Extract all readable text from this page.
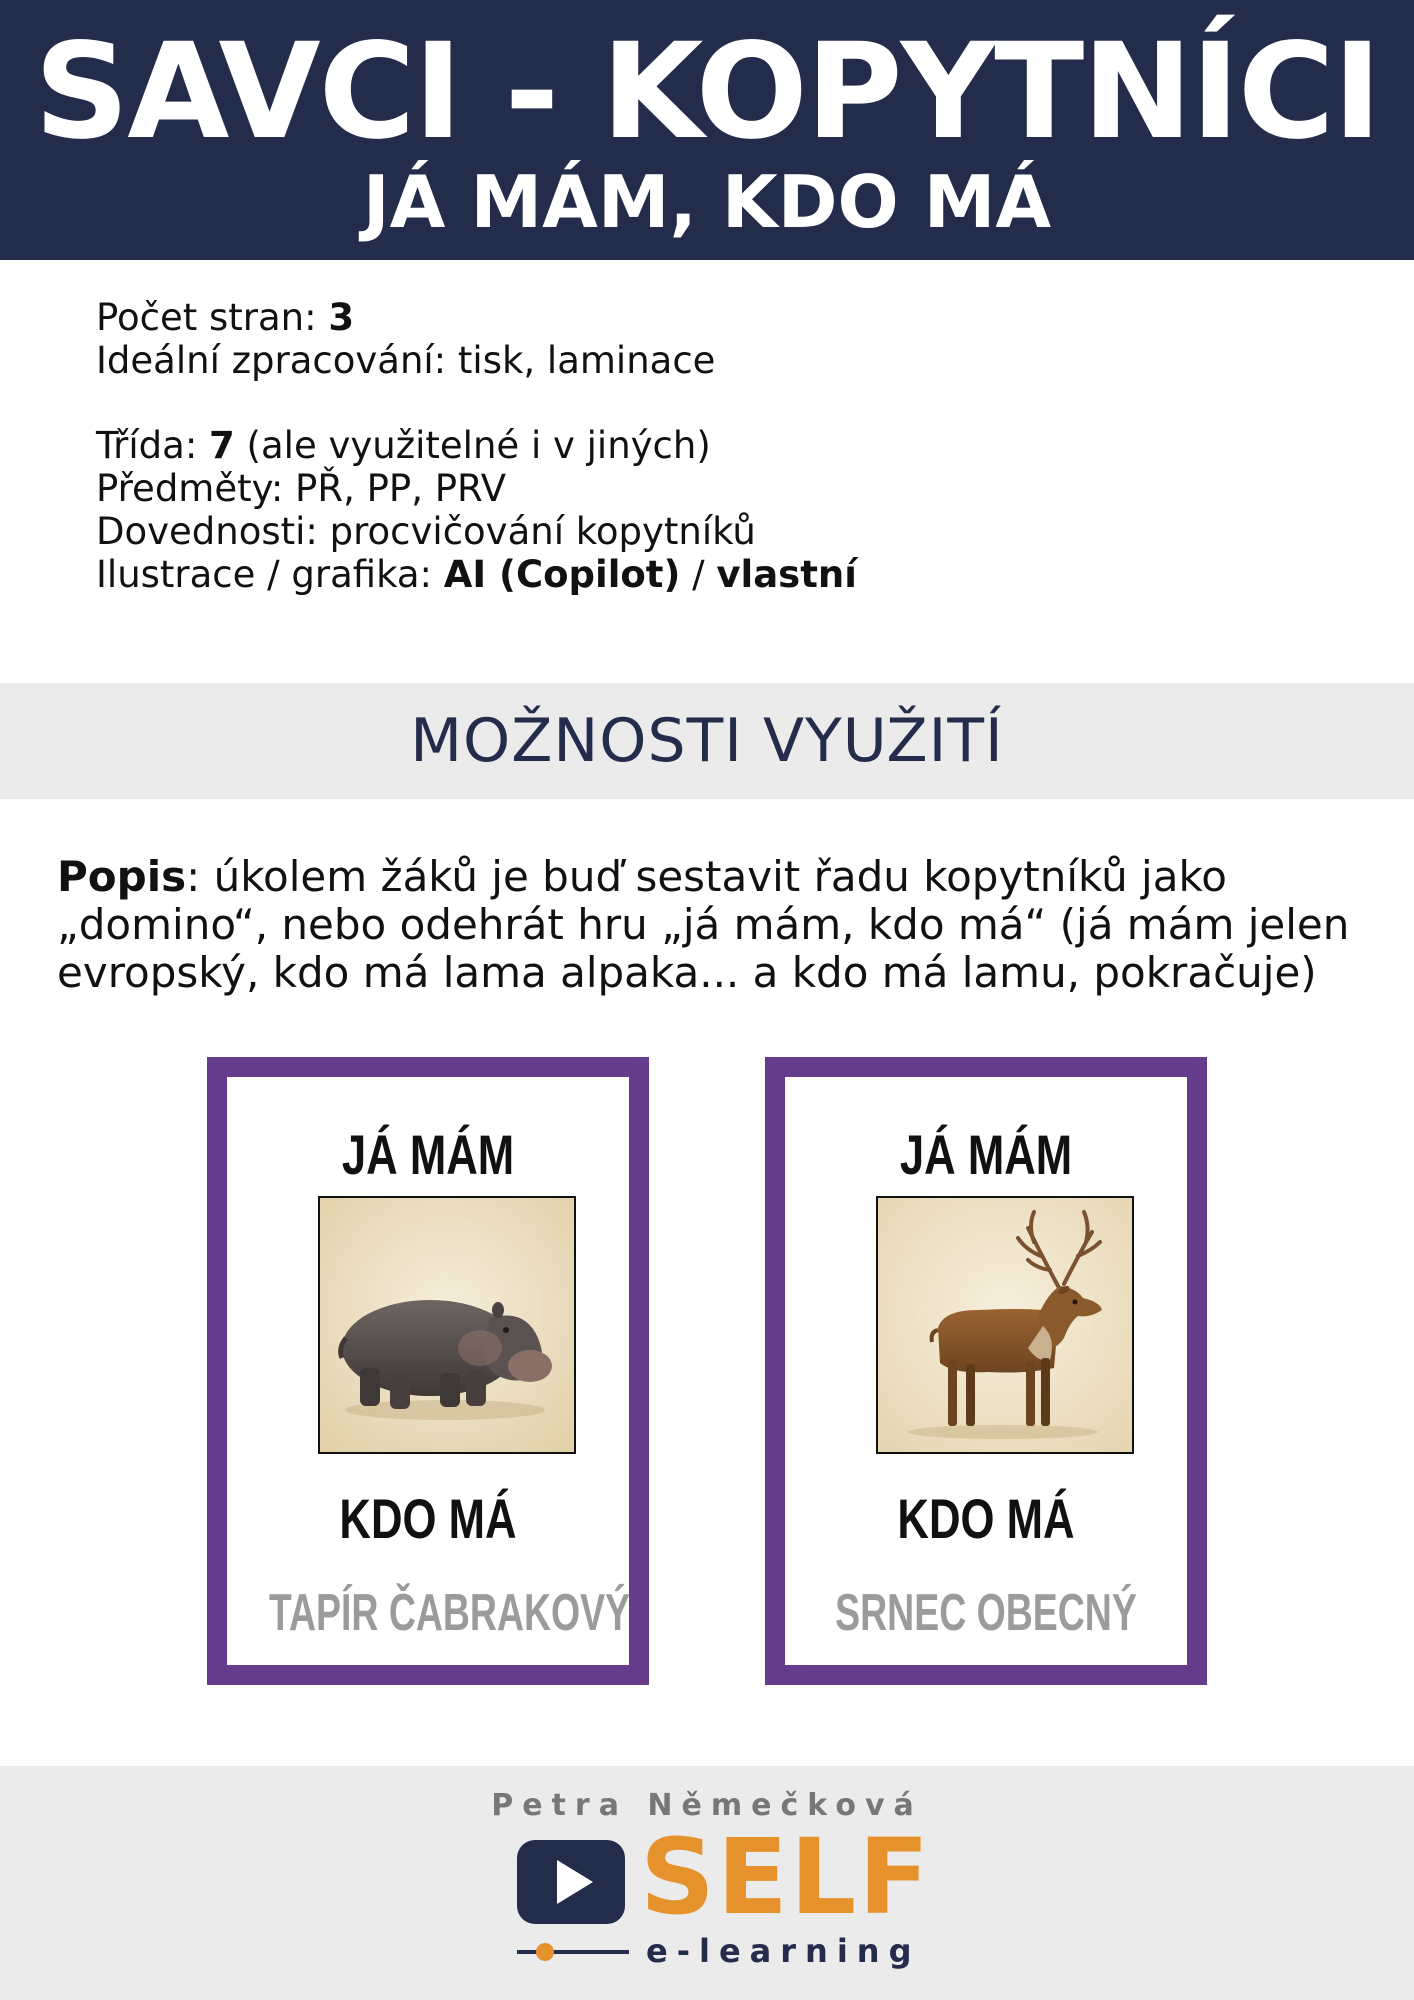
SAVCI - KOPYTNÍCI
JÁ MÁM, KDO MÁ
Počet stran: 3
Ideální zpracování: tisk, laminace
Třída: 7 (ale využitelné i v jiných)
Předměty: PŘ, PP, PRV
Dovednosti: procvičování kopytníků
Ilustrace / grafika: AI (Copilot) / vlastní
MOŽNOSTI VYUŽITÍ
Popis: úkolem žáků je buď sestavit řadu kopytníků jako „domino“, nebo odehrát hru „já mám, kdo má“ (já mám jelen evropský, kdo má lama alpaka... a kdo má lamu, pokračuje)
JÁ MÁM
KDO MÁ
TAPÍR ČABRAKOVÝ
JÁ MÁM
KDO MÁ
SRNEC OBECNÝ
Petra Němečková
SELF
e-learning
